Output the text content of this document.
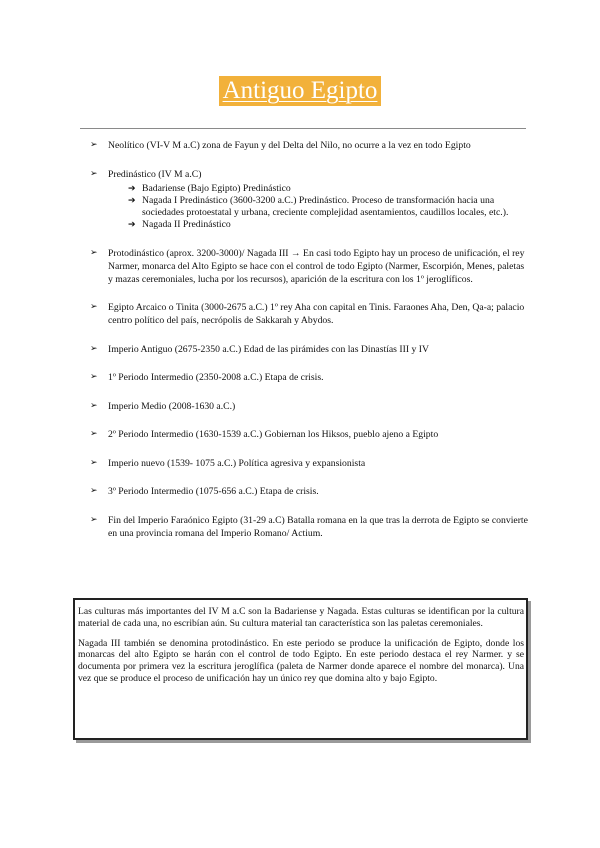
Antiguo Egipto
➢ Neolítico (VI-V M a.C) zona de Fayun y del Delta del Nilo, no ocurre a la vez en todo Egipto
➢ Predinástico (IV M a.C)
➔ Badariense (Bajo Egipto) Predinástico
➔ Nagada I Predinástico (3600-3200 a.C.) Predinástico. Proceso de transformación hacia una sociedades protoestatal y urbana, creciente complejidad asentamientos, caudillos locales, etc.).
➔ Nagada II Predinástico
➢ Protodinástico (aprox. 3200-3000)/ Nagada III → En casi todo Egipto hay un proceso de unificación, el rey Narmer, monarca del Alto Egipto se hace con el control de todo Egipto (Narmer, Escorpión, Menes, paletas y mazas ceremoniales, lucha por los recursos), aparición de la escritura con los 1º jeroglíficos.
➢ Egipto Arcaico o Tinita (3000-2675 a.C.) 1º rey Aha con capital en Tinis. Faraones Aha, Den, Qa-a; palacio centro político del país, necrópolis de Sakkarah y Abydos.
➢ Imperio Antiguo (2675-2350 a.C.) Edad de las pirámides con las Dinastías III y IV
➢ 1º Periodo Intermedio (2350-2008 a.C.) Etapa de crisis.
➢ Imperio Medio (2008-1630 a.C.)
➢ 2º Periodo Intermedio (1630-1539 a.C.) Gobiernan los Hiksos, pueblo ajeno a Egipto
➢ Imperio nuevo (1539- 1075 a.C.) Política agresiva y expansionista
➢ 3º Periodo Intermedio (1075-656 a.C.) Etapa de crisis.
➢ Fin del Imperio Faraónico Egipto (31-29 a.C) Batalla romana en la que tras la derrota de Egipto se convierte en una provincia romana del Imperio Romano/ Actium.

Las culturas más importantes del IV M a.C son la Badariense y Nagada. Estas culturas se identifican por la cultura material de cada una, no escribían aún. Su cultura material tan característica son las paletas ceremoniales.

Nagada III también se denomina protodinástico. En este periodo se produce la unificación de Egipto, donde los monarcas del alto Egipto se harán con el control de todo Egipto. En este periodo destaca el rey Narmer. y se documenta por primera vez la escritura jeroglífica (paleta de Narmer donde aparece el nombre del monarca). Una vez que se produce el proceso de unificación hay un único rey que domina alto y bajo Egipto.
